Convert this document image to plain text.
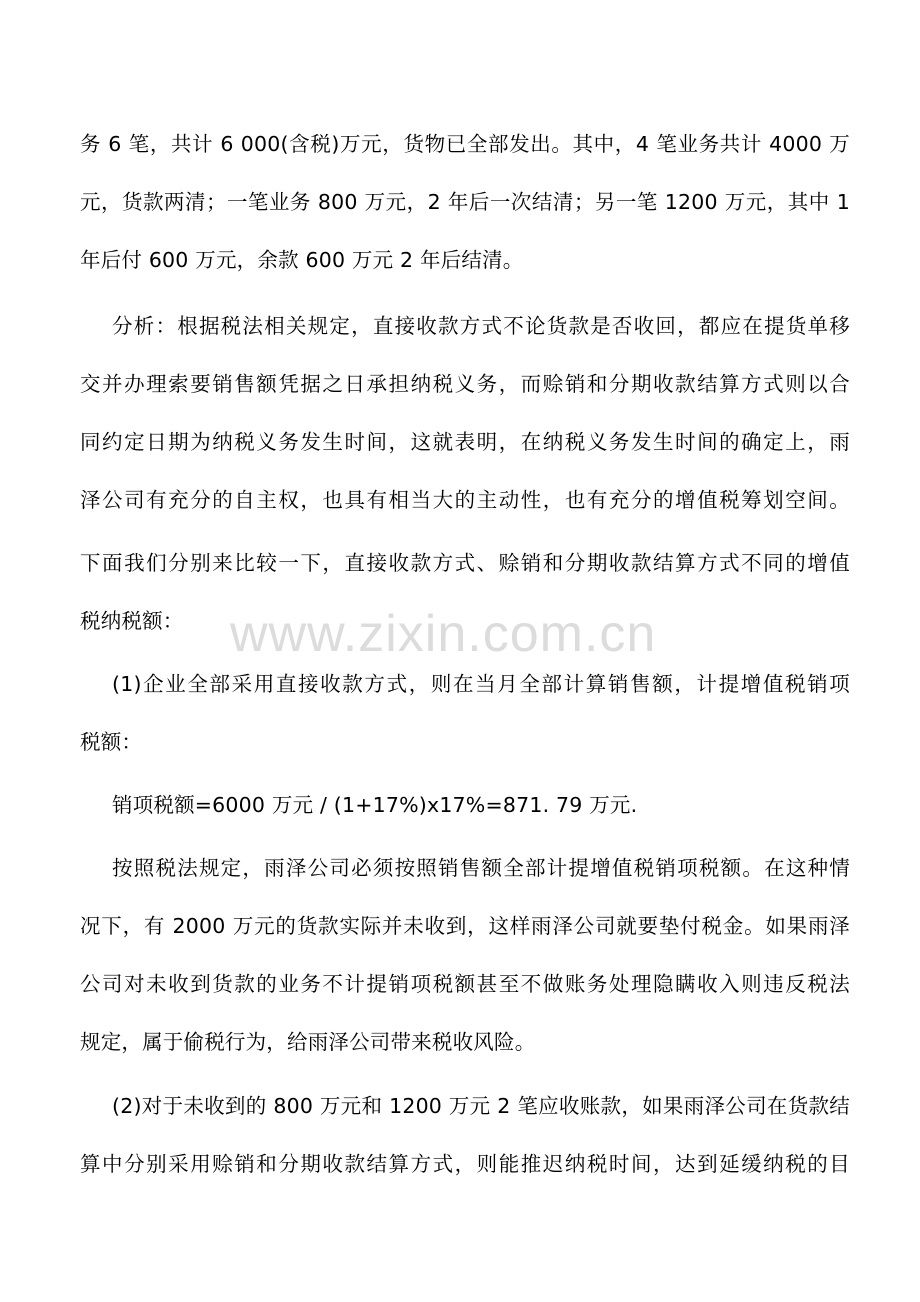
www.zixin.com.cn
务 6 笔，共计 6 000(含税)万元，货物已全部发出。其中，4 笔业务共计 4000 万
元，货款两清；一笔业务 800 万元，2 年后一次结清；另一笔 1200 万元，其中 1
年后付 600 万元，余款 600 万元 2 年后结清。
分析：根据税法相关规定，直接收款方式不论货款是否收回，都应在提货单移
交并办理索要销售额凭据之日承担纳税义务，而赊销和分期收款结算方式则以合
同约定日期为纳税义务发生时间，这就表明，在纳税义务发生时间的确定上，雨
泽公司有充分的自主权，也具有相当大的主动性，也有充分的增值税筹划空间。
下面我们分别来比较一下，直接收款方式、赊销和分期收款结算方式不同的增值
税纳税额：
(1)企业全部采用直接收款方式，则在当月全部计算销售额，计提增值税销项
税额：
销项税额=6000 万元 / (1+17%)x17%=871. 79 万元.
按照税法规定，雨泽公司必须按照销售额全部计提增值税销项税额。在这种情
况下，有 2000 万元的货款实际并未收到，这样雨泽公司就要垫付税金。如果雨泽
公司对未收到货款的业务不计提销项税额甚至不做账务处理隐瞒收入则违反税法
规定，属于偷税行为，给雨泽公司带来税收风险。
(2)对于未收到的 800 万元和 1200 万元 2 笔应收账款，如果雨泽公司在货款结
算中分别采用赊销和分期收款结算方式，则能推迟纳税时间，达到延缓纳税的目
